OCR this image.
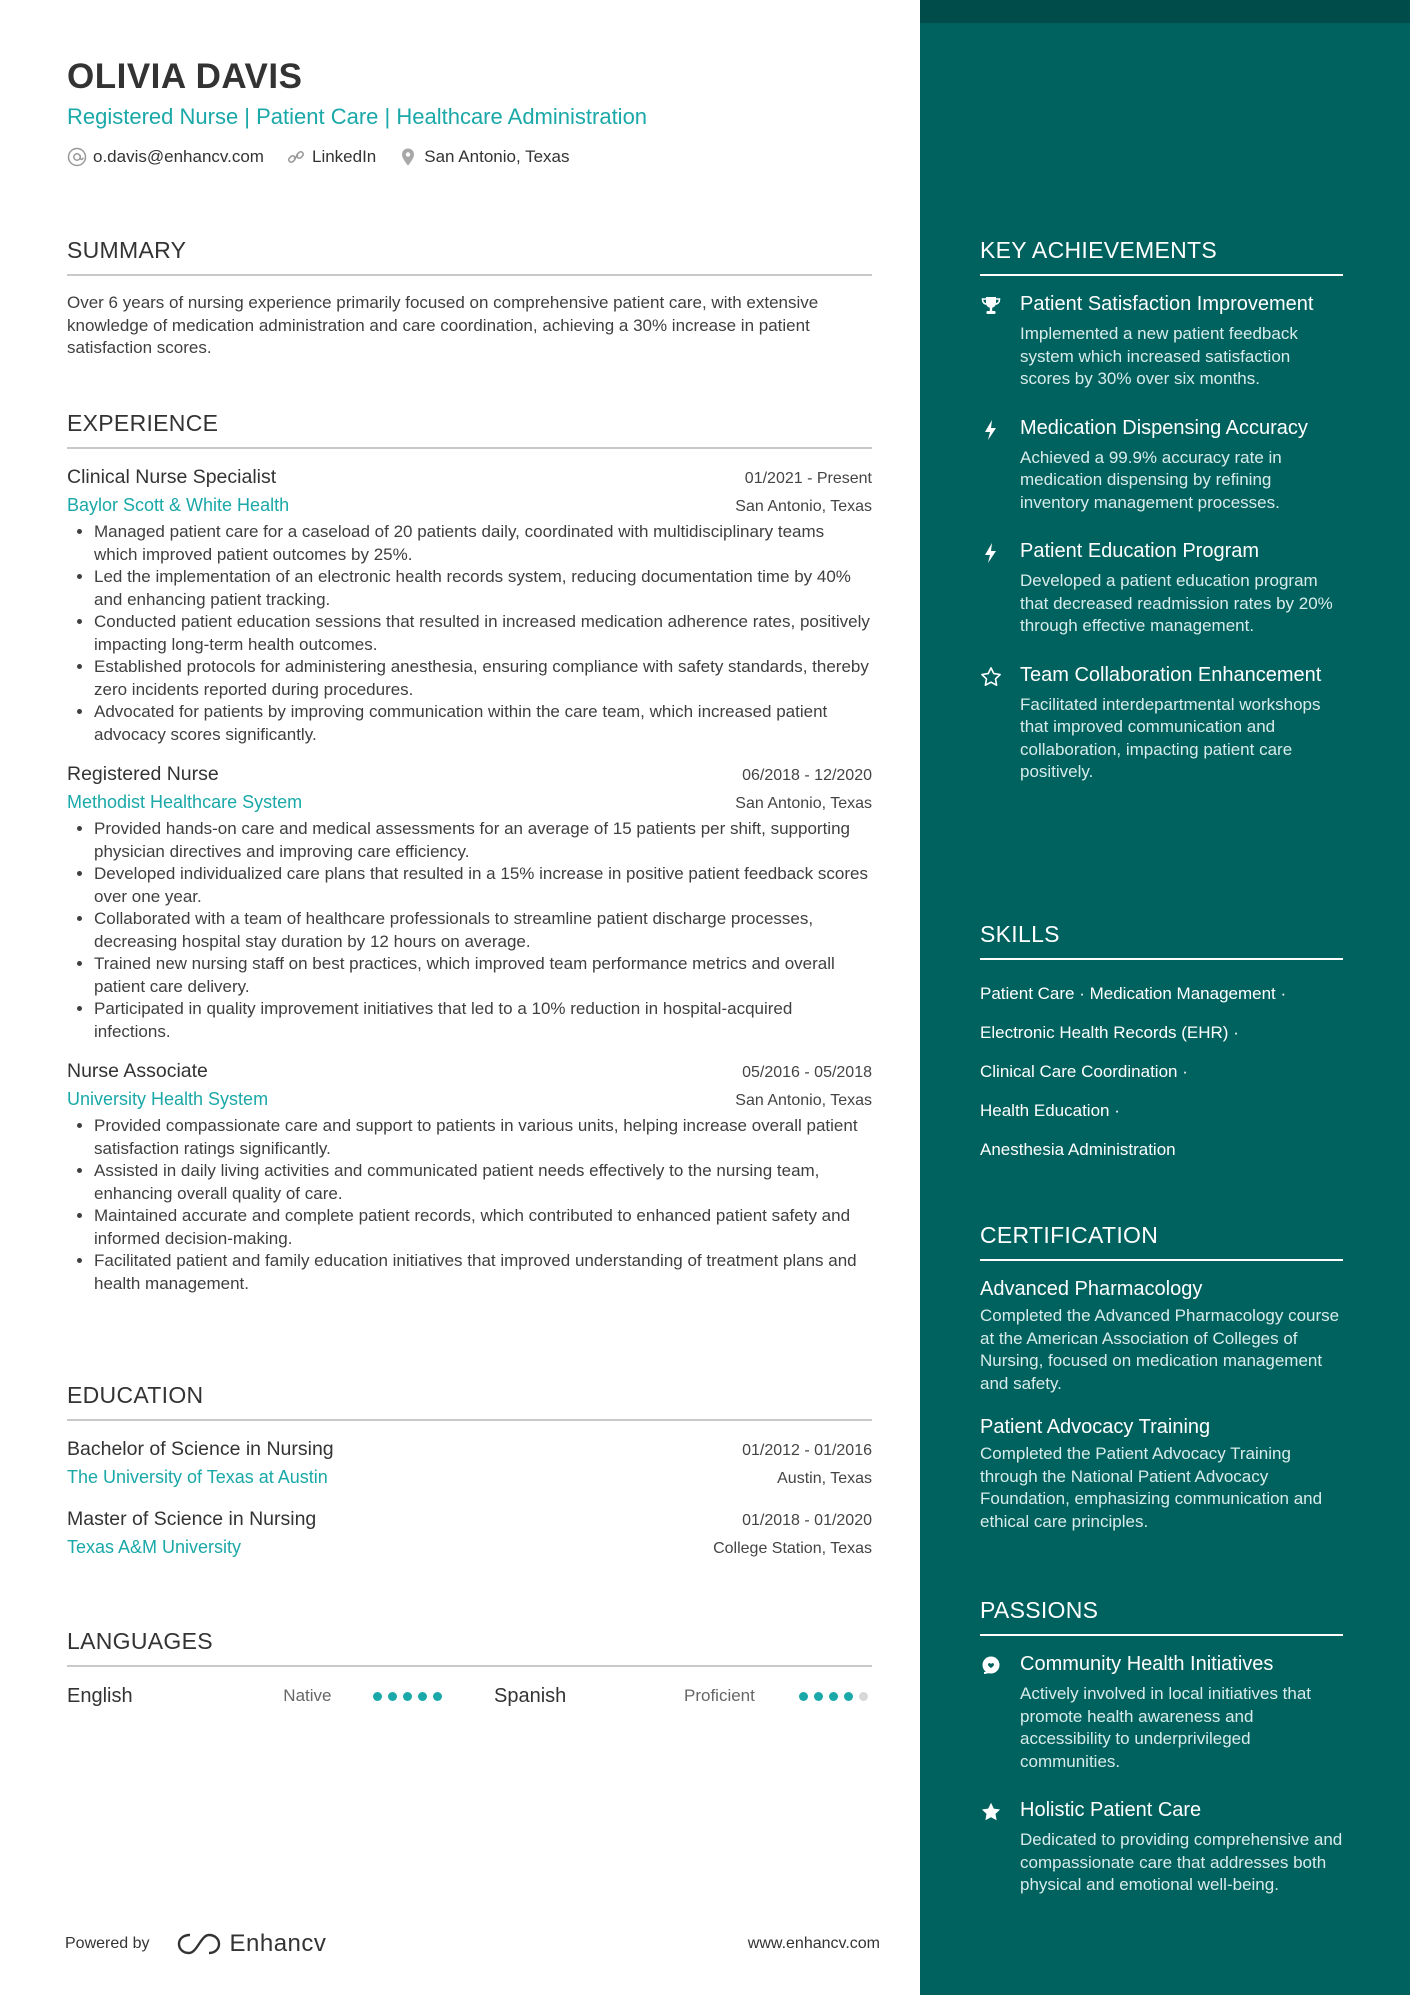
OLIVIA DAVIS
Registered Nurse | Patient Care | Healthcare Administration
o.davis@enhancv.com	LinkedIn	San Antonio, Texas
SUMMARY
Over 6 years of nursing experience primarily focused on comprehensive patient care, with extensive knowledge of medication administration and care coordination, achieving a 30% increase in patient satisfaction scores.
EXPERIENCE
Clinical Nurse Specialist	01/2021 - Present
Baylor Scott & White Health	San Antonio, Texas
• Managed patient care for a caseload of 20 patients daily, coordinated with multidisciplinary teams which improved patient outcomes by 25%.
• Led the implementation of an electronic health records system, reducing documentation time by 40% and enhancing patient tracking.
• Conducted patient education sessions that resulted in increased medication adherence rates, positively impacting long-term health outcomes.
• Established protocols for administering anesthesia, ensuring compliance with safety standards, thereby zero incidents reported during procedures.
• Advocated for patients by improving communication within the care team, which increased patient advocacy scores significantly.
Registered Nurse	06/2018 - 12/2020
Methodist Healthcare System	San Antonio, Texas
• Provided hands-on care and medical assessments for an average of 15 patients per shift, supporting physician directives and improving care efficiency.
• Developed individualized care plans that resulted in a 15% increase in positive patient feedback scores over one year.
• Collaborated with a team of healthcare professionals to streamline patient discharge processes, decreasing hospital stay duration by 12 hours on average.
• Trained new nursing staff on best practices, which improved team performance metrics and overall patient care delivery.
• Participated in quality improvement initiatives that led to a 10% reduction in hospital-acquired infections.
Nurse Associate	05/2016 - 05/2018
University Health System	San Antonio, Texas
• Provided compassionate care and support to patients in various units, helping increase overall patient satisfaction ratings significantly.
• Assisted in daily living activities and communicated patient needs effectively to the nursing team, enhancing overall quality of care.
• Maintained accurate and complete patient records, which contributed to enhanced patient safety and informed decision-making.
• Facilitated patient and family education initiatives that improved understanding of treatment plans and health management.
EDUCATION
Bachelor of Science in Nursing	01/2012 - 01/2016
The University of Texas at Austin	Austin, Texas
Master of Science in Nursing	01/2018 - 01/2020
Texas A&M University	College Station, Texas
LANGUAGES
English	Native	Spanish	Proficient
Powered by	Enhancv	www.enhancv.com
KEY ACHIEVEMENTS
Patient Satisfaction Improvement
Implemented a new patient feedback system which increased satisfaction scores by 30% over six months.
Medication Dispensing Accuracy
Achieved a 99.9% accuracy rate in medication dispensing by refining inventory management processes.
Patient Education Program
Developed a patient education program that decreased readmission rates by 20% through effective management.
Team Collaboration Enhancement
Facilitated interdepartmental workshops that improved communication and collaboration, impacting patient care positively.
SKILLS
Patient Care · Medication Management ·
Electronic Health Records (EHR) ·
Clinical Care Coordination ·
Health Education ·
Anesthesia Administration
CERTIFICATION
Advanced Pharmacology
Completed the Advanced Pharmacology course at the American Association of Colleges of Nursing, focused on medication management and safety.
Patient Advocacy Training
Completed the Patient Advocacy Training through the National Patient Advocacy Foundation, emphasizing communication and ethical care principles.
PASSIONS
Community Health Initiatives
Actively involved in local initiatives that promote health awareness and accessibility to underprivileged communities.
Holistic Patient Care
Dedicated to providing comprehensive and compassionate care that addresses both physical and emotional well-being.
